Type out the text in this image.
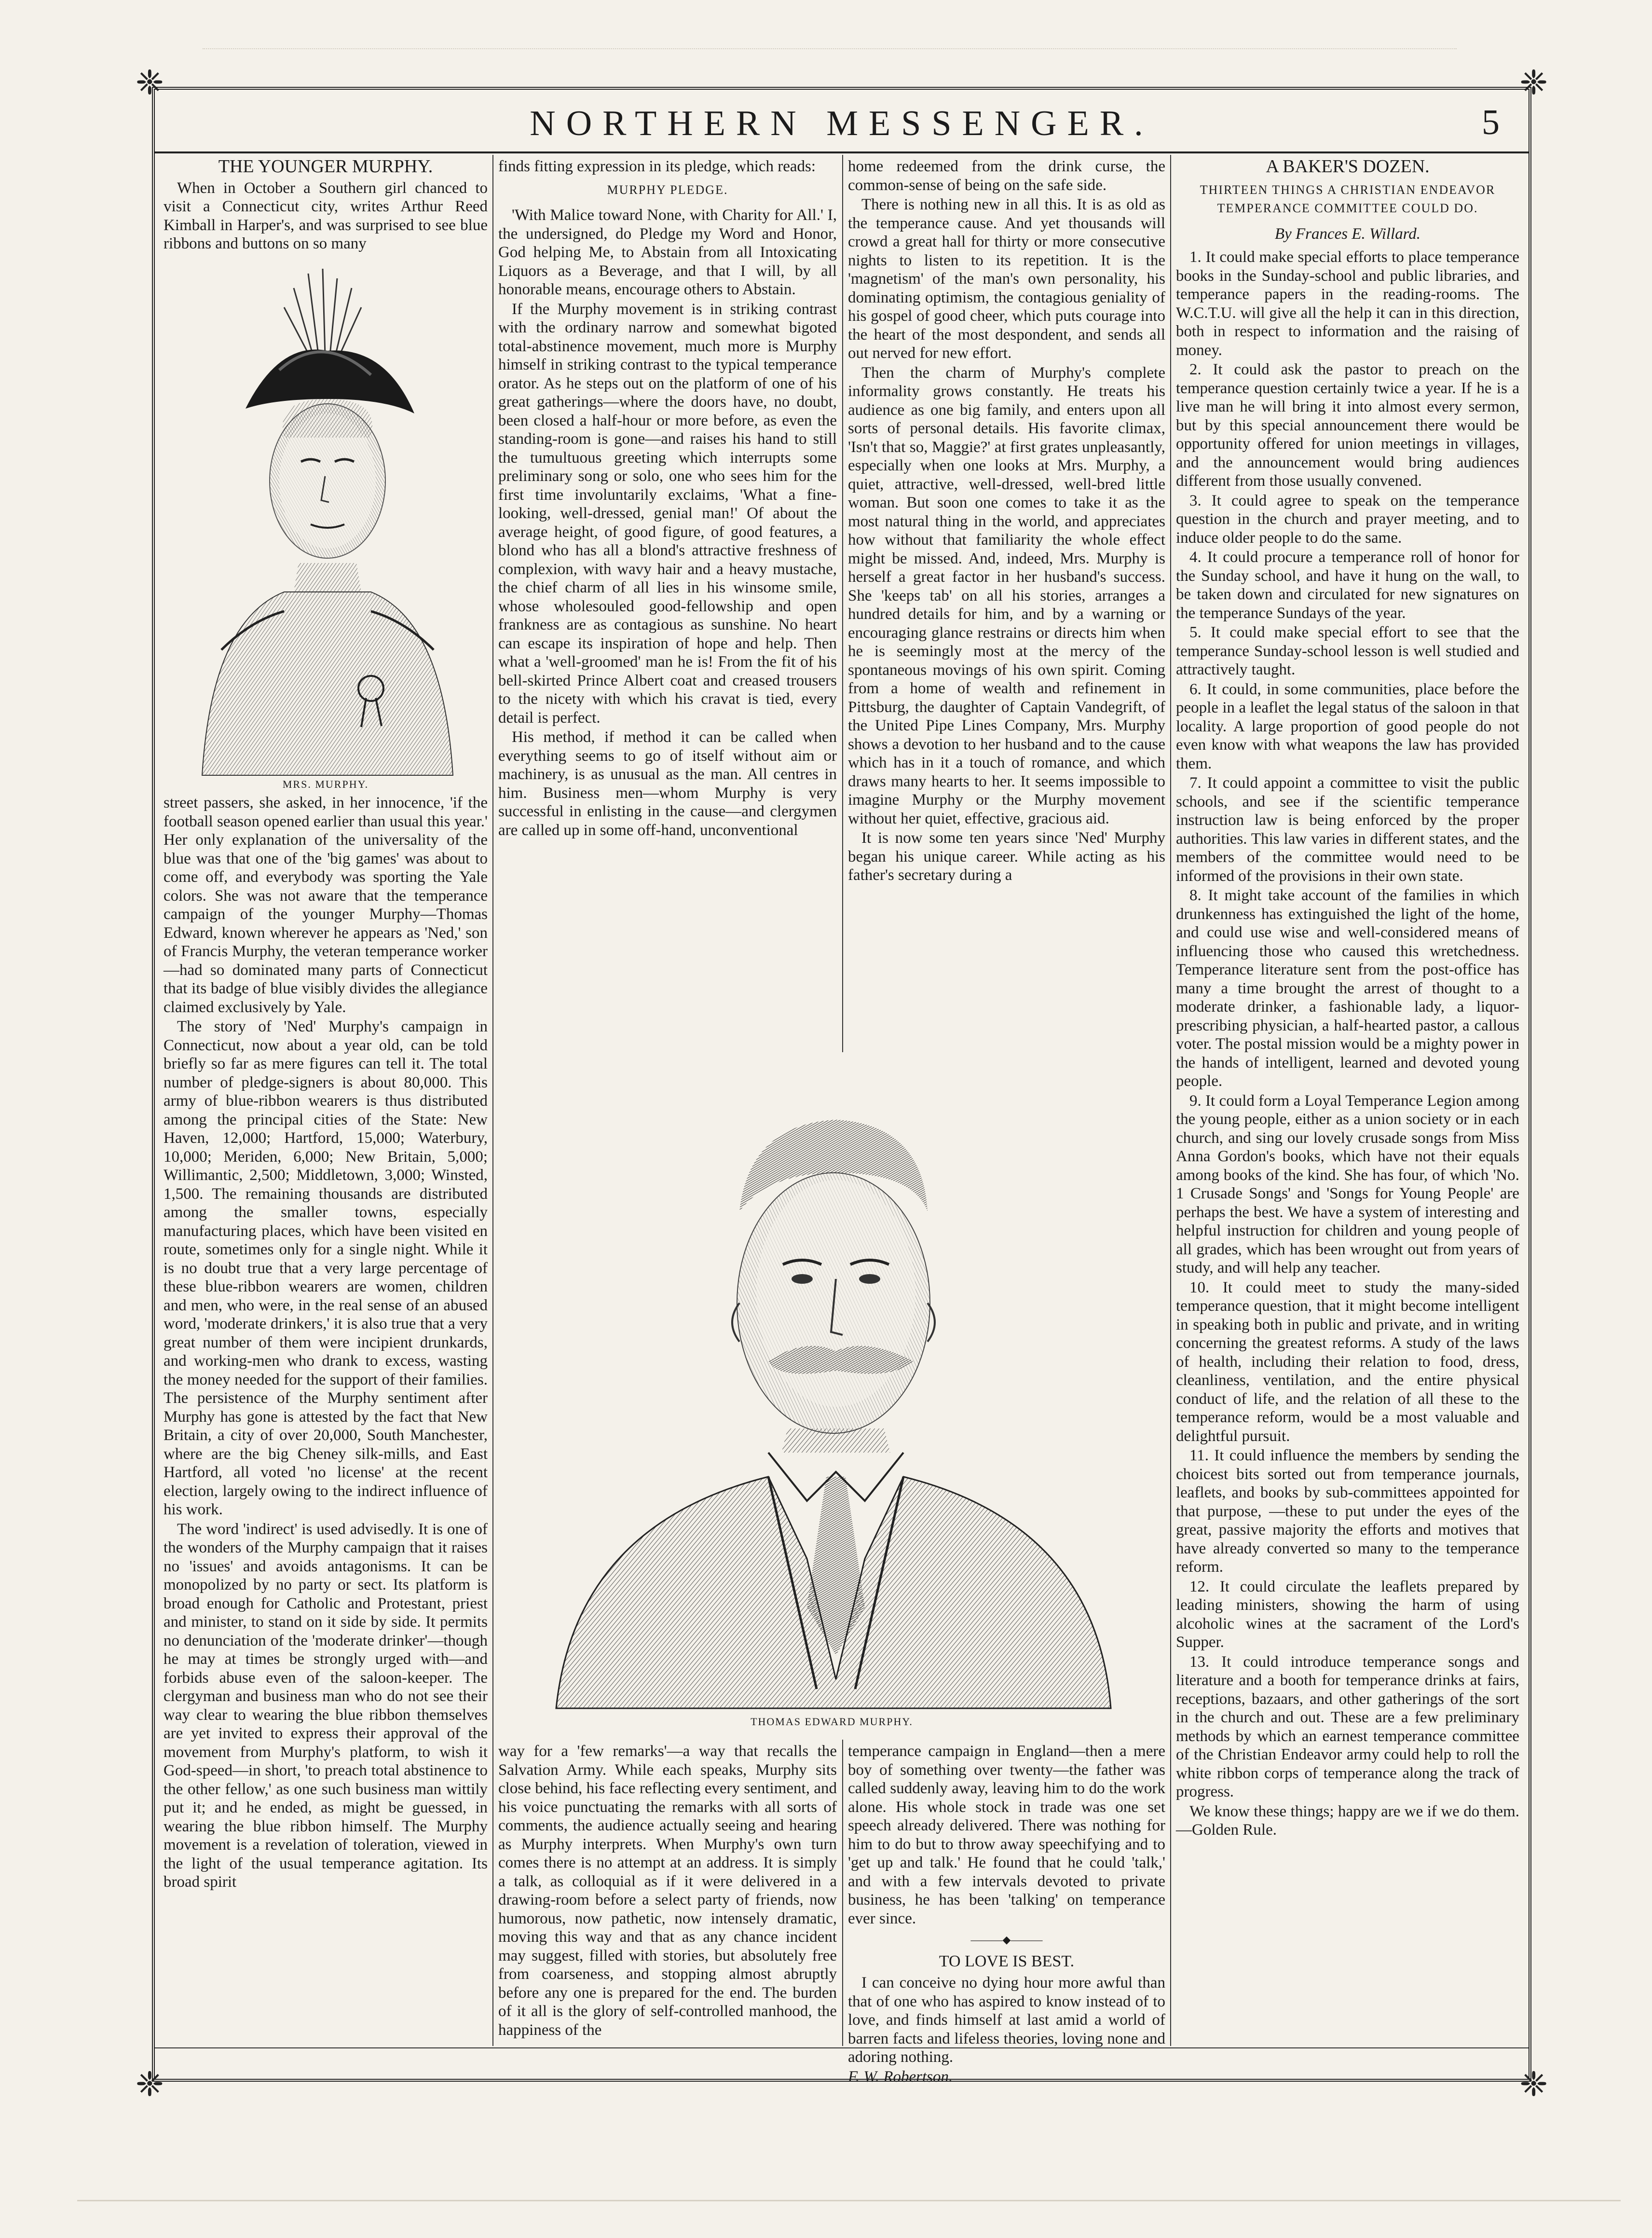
❈	❈
❈	❈
NORTHERN MESSENGER.	5
THE YOUNGER MURPHY.

When in October a Southern girl chanced to visit a Connecticut city, writes Arthur Reed Kimball in Harper's, and was surprised to see blue ribbons and buttons on so many

MRS. MURPHY.

street passers, she asked, in her innocence, 'if the football season opened earlier than usual this year.' Her only explanation of the universality of the blue was that one of the 'big games' was about to come off, and everybody was sporting the Yale colors. She was not aware that the temperance campaign of the younger Murphy—Thomas Edward, known wherever he appears as 'Ned,' son of Francis Murphy, the veteran temperance worker—had so dominated many parts of Connecticut that its badge of blue visibly divides the allegiance claimed exclusively by Yale.

The story of 'Ned' Murphy's campaign in Connecticut, now about a year old, can be told briefly so far as mere figures can tell it. The total number of pledge-signers is about 80,000. This army of blue-ribbon wearers is thus distributed among the principal cities of the State: New Haven, 12,000; Hartford, 15,000; Waterbury, 10,000; Meriden, 6,000; New Britain, 5,000; Willimantic, 2,500; Middletown, 3,000; Winsted, 1,500. The remaining thousands are distributed among the smaller towns, especially manufacturing places, which have been visited en route, sometimes only for a single night. While it is no doubt true that a very large percentage of these blue-ribbon wearers are women, children and men, who were, in the real sense of an abused word, 'moderate drinkers,' it is also true that a very great number of them were incipient drunkards, and working-men who drank to excess, wasting the money needed for the support of their families. The persistence of the Murphy sentiment after Murphy has gone is attested by the fact that New Britain, a city of over 20,000, South Manchester, where are the big Cheney silk-mills, and East Hartford, all voted 'no license' at the recent election, largely owing to the indirect influence of his work.

The word 'indirect' is used advisedly. It is one of the wonders of the Murphy campaign that it raises no 'issues' and avoids antagonisms. It can be monopolized by no party or sect. Its platform is broad enough for Catholic and Protestant, priest and minister, to stand on it side by side. It permits no denunciation of the 'moderate drinker'—though he may at times be strongly urged with—and forbids abuse even of the saloon-keeper. The clergyman and business man who do not see their way clear to wearing the blue ribbon themselves are yet invited to express their approval of the movement from Murphy's platform, to wish it God-speed—in short, 'to preach total abstinence to the other fellow,' as one such business man wittily put it; and he ended, as might be guessed, in wearing the blue ribbon himself. The Murphy movement is a revelation of toleration, viewed in the light of the usual temperance agitation. Its broad spirit

finds fitting expression in its pledge, which reads:

MURPHY PLEDGE.

'With Malice toward None, with Charity for All.' I, the undersigned, do Pledge my Word and Honor, God helping Me, to Abstain from all Intoxicating Liquors as a Beverage, and that I will, by all honorable means, encourage others to Abstain.

If the Murphy movement is in striking contrast with the ordinary narrow and somewhat bigoted total-abstinence movement, much more is Murphy himself in striking contrast to the typical temperance orator. As he steps out on the platform of one of his great gatherings—where the doors have, no doubt, been closed a half-hour or more before, as even the standing-room is gone—and raises his hand to still the tumultuous greeting which interrupts some preliminary song or solo, one who sees him for the first time involuntarily exclaims, 'What a fine-looking, well-dressed, genial man!' Of about the average height, of good figure, of good features, a blond who has all a blond's attractive freshness of complexion, with wavy hair and a heavy mustache, the chief charm of all lies in his winsome smile, whose wholesouled good-fellowship and open frankness are as contagious as sunshine. No heart can escape its inspiration of hope and help. Then what a 'well-groomed' man he is! From the fit of his bell-skirted Prince Albert coat and creased trousers to the nicety with which his cravat is tied, every detail is perfect.

His method, if method it can be called when everything seems to go of itself without aim or machinery, is as unusual as the man. All centres in him. Business men—whom Murphy is very successful in enlisting in the cause—and clergymen are called up in some off-hand, unconventional

home redeemed from the drink curse, the common-sense of being on the safe side.

There is nothing new in all this. It is as old as the temperance cause. And yet thousands will crowd a great hall for thirty or more consecutive nights to listen to its repetition. It is the 'magnetism' of the man's own personality, his dominating optimism, the contagious geniality of his gospel of good cheer, which puts courage into the heart of the most despondent, and sends all out nerved for new effort.

Then the charm of Murphy's complete informality grows constantly. He treats his audience as one big family, and enters upon all sorts of personal details. His favorite climax, 'Isn't that so, Maggie?' at first grates unpleasantly, especially when one looks at Mrs. Murphy, a quiet, attractive, well-dressed, well-bred little woman. But soon one comes to take it as the most natural thing in the world, and appreciates how without that familiarity the whole effect might be missed. And, indeed, Mrs. Murphy is herself a great factor in her husband's success. She 'keeps tab' on all his stories, arranges a hundred details for him, and by a warning or encouraging glance restrains or directs him when he is seemingly most at the mercy of the spontaneous movings of his own spirit. Coming from a home of wealth and refinement in Pittsburg, the daughter of Captain Vandegrift, of the United Pipe Lines Company, Mrs. Murphy shows a devotion to her husband and to the cause which has in it a touch of romance, and which draws many hearts to her. It seems impossible to imagine Murphy or the Murphy movement without her quiet, effective, gracious aid.

It is now some ten years since 'Ned' Murphy began his unique career. While acting as his father's secretary during a

THOMAS EDWARD MURPHY.

way for a 'few remarks'—a way that recalls the Salvation Army. While each speaks, Murphy sits close behind, his face reflecting every sentiment, and his voice punctuating the remarks with all sorts of comments, the audience actually seeing and hearing as Murphy interprets. When Murphy's own turn comes there is no attempt at an address. It is simply a talk, as colloquial as if it were delivered in a drawing-room before a select party of friends, now humorous, now pathetic, now intensely dramatic, moving this way and that as any chance incident may suggest, filled with stories, but absolutely free from coarseness, and stopping almost abruptly before any one is prepared for the end. The burden of it all is the glory of self-controlled manhood, the happiness of the

temperance campaign in England—then a mere boy of something over twenty—the father was called suddenly away, leaving him to do the work alone. His whole stock in trade was one set speech already delivered. There was nothing for him to do but to throw away speechifying and to 'get up and talk.' He found that he could 'talk,' and with a few intervals devoted to private business, he has been 'talking' on temperance ever since.

———◆———
TO LOVE IS BEST.

I can conceive no dying hour more awful than that of one who has aspired to know instead of to love, and finds himself at last amid a world of barren facts and lifeless theories, loving none and adoring nothing.

F. W. Robertson.

A BAKER'S DOZEN.
THIRTEEN THINGS A CHRISTIAN ENDEAVOR TEMPERANCE COMMITTEE COULD DO.
By Frances E. Willard.

1. It could make special efforts to place temperance books in the Sunday-school and public libraries, and temperance papers in the reading-rooms. The W.C.T.U. will give all the help it can in this direction, both in respect to information and the raising of money.

2. It could ask the pastor to preach on the temperance question certainly twice a year. If he is a live man he will bring it into almost every sermon, but by this special announcement there would be opportunity offered for union meetings in villages, and the announcement would bring audiences different from those usually convened.

3. It could agree to speak on the temperance question in the church and prayer meeting, and to induce older people to do the same.

4. It could procure a temperance roll of honor for the Sunday school, and have it hung on the wall, to be taken down and circulated for new signatures on the temperance Sundays of the year.

5. It could make special effort to see that the temperance Sunday-school lesson is well studied and attractively taught.

6. It could, in some communities, place before the people in a leaflet the legal status of the saloon in that locality. A large proportion of good people do not even know with what weapons the law has provided them.

7. It could appoint a committee to visit the public schools, and see if the scientific temperance instruction law is being enforced by the proper authorities. This law varies in different states, and the members of the committee would need to be informed of the provisions in their own state.

8. It might take account of the families in which drunkenness has extinguished the light of the home, and could use wise and well-considered means of influencing those who caused this wretchedness. Temperance literature sent from the post-office has many a time brought the arrest of thought to a moderate drinker, a fashionable lady, a liquor-prescribing physician, a half-hearted pastor, a callous voter. The postal mission would be a mighty power in the hands of intelligent, learned and devoted young people.

9. It could form a Loyal Temperance Legion among the young people, either as a union society or in each church, and sing our lovely crusade songs from Miss Anna Gordon's books, which have not their equals among books of the kind. She has four, of which 'No. 1 Crusade Songs' and 'Songs for Young People' are perhaps the best. We have a system of interesting and helpful instruction for children and young people of all grades, which has been wrought out from years of study, and will help any teacher.

10. It could meet to study the many-sided temperance question, that it might become intelligent in speaking both in public and private, and in writing concerning the greatest reforms. A study of the laws of health, including their relation to food, dress, cleanliness, ventilation, and the entire physical conduct of life, and the relation of all these to the temperance reform, would be a most valuable and delightful pursuit.

11. It could influence the members by sending the choicest bits sorted out from temperance journals, leaflets, and books by sub-committees appointed for that purpose, —these to put under the eyes of the great, passive majority the efforts and motives that have already converted so many to the temperance reform.

12. It could circulate the leaflets prepared by leading ministers, showing the harm of using alcoholic wines at the sacrament of the Lord's Supper.

13. It could introduce temperance songs and literature and a booth for temperance drinks at fairs, receptions, bazaars, and other gatherings of the sort in the church and out. These are a few preliminary methods by which an earnest temperance committee of the Christian Endeavor army could help to roll the white ribbon corps of temperance along the track of progress.

We know these things; happy are we if we do them.—Golden Rule.
